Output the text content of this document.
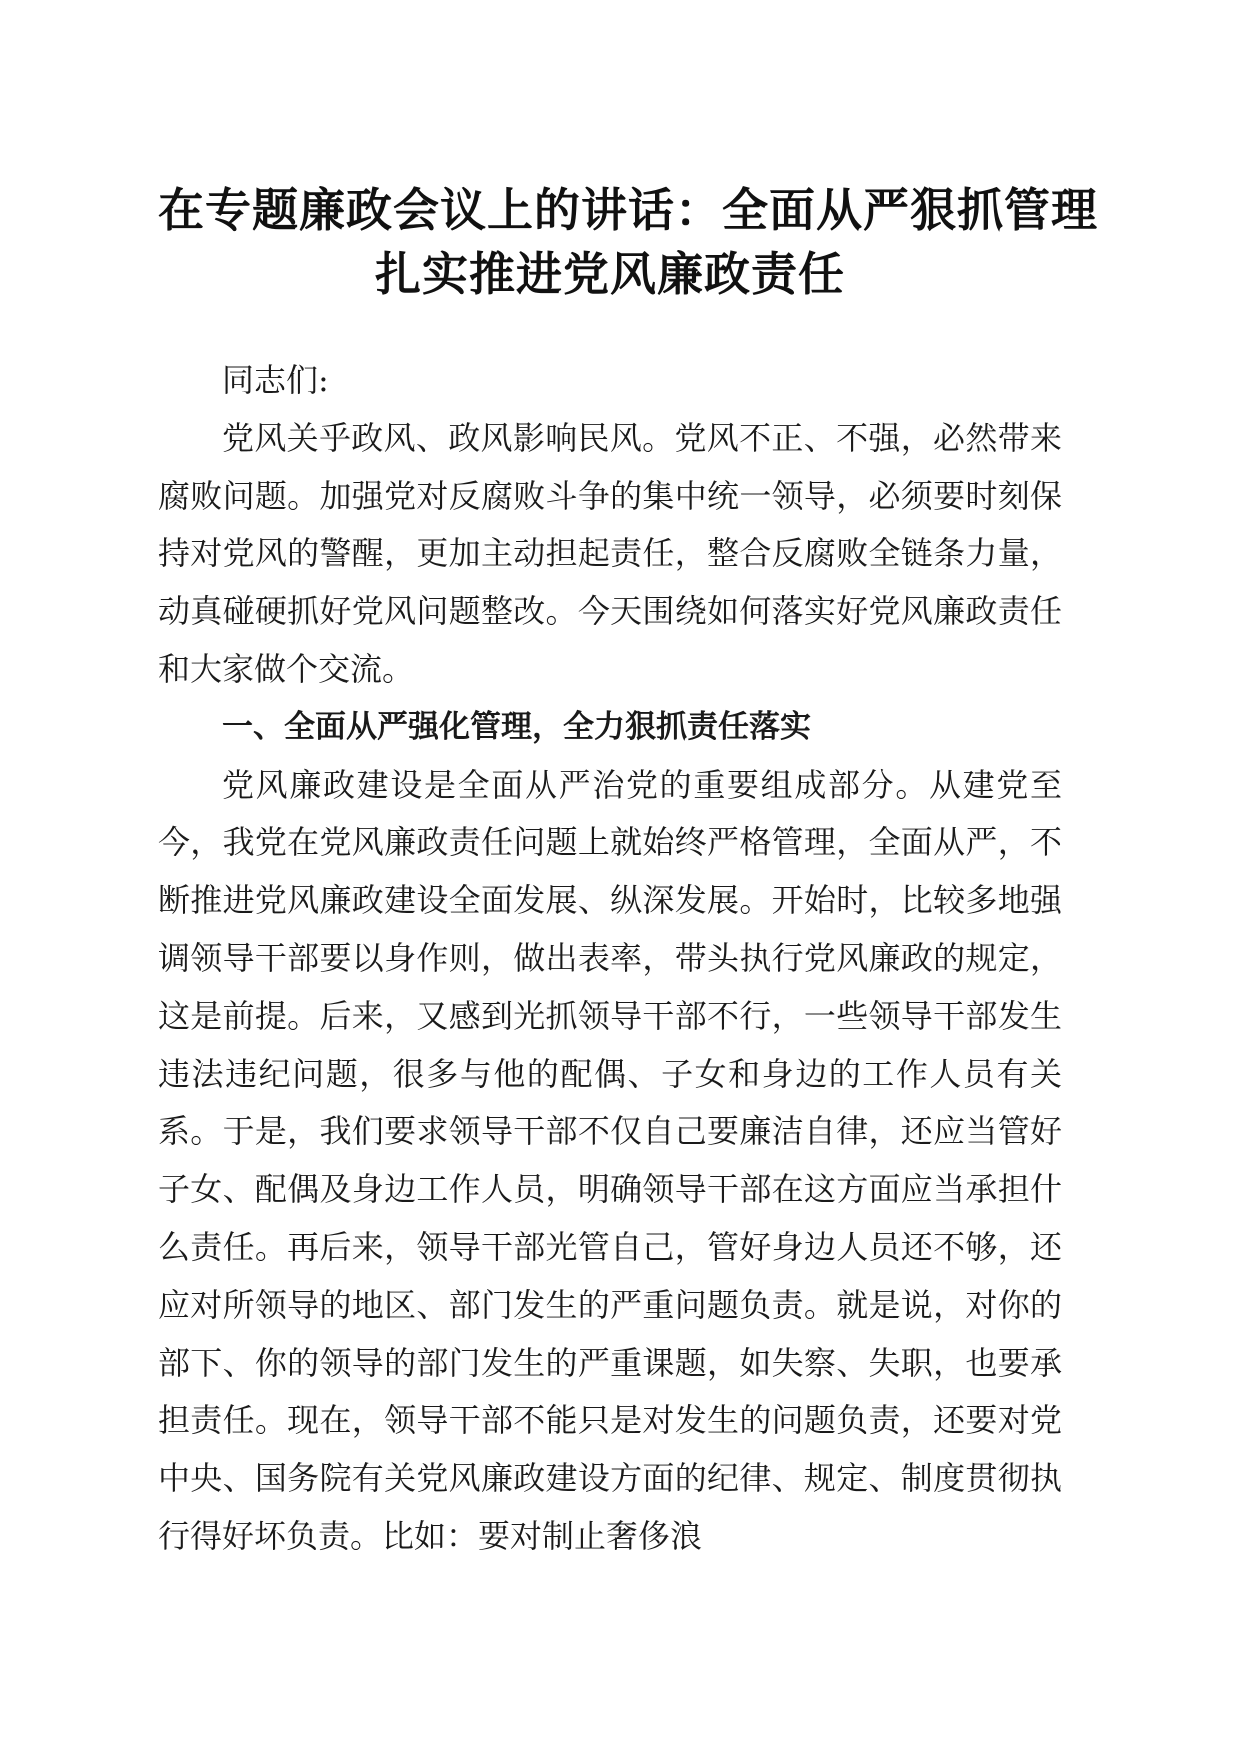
在专题廉政会议上的讲话：全面从严狠抓管理
扎实推进党风廉政责任

同志们:

党风关乎政风、政风影响民风。党风不正、不强，必然带来腐败问题。加强党对反腐败斗争的集中统一领导，必须要时刻保持对党风的警醒，更加主动担起责任，整合反腐败全链条力量，动真碰硬抓好党风问题整改。今天围绕如何落实好党风廉政责任和大家做个交流。

一、全面从严强化管理，全力狠抓责任落实

党风廉政建设是全面从严治党的重要组成部分。从建党至今，我党在党风廉政责任问题上就始终严格管理，全面从严，不断推进党风廉政建设全面发展、纵深发展。开始时，比较多地强调领导干部要以身作则，做出表率，带头执行党风廉政的规定，这是前提。后来，又感到光抓领导干部不行，一些领导干部发生违法违纪问题，很多与他的配偶、子女和身边的工作人员有关系。于是，我们要求领导干部不仅自己要廉洁自律，还应当管好子女、配偶及身边工作人员，明确领导干部在这方面应当承担什么责任。再后来，领导干部光管自己，管好身边人员还不够，还应对所领导的地区、部门发生的严重问题负责。就是说，对你的部下、你的领导的部门发生的严重课题，如失察、失职，也要承担责任。现在，领导干部不能只是对发生的问题负责，还要对党中央、国务院有关党风廉政建设方面的纪律、规定、制度贯彻执行得好坏负责。比如：要对制止奢侈浪
